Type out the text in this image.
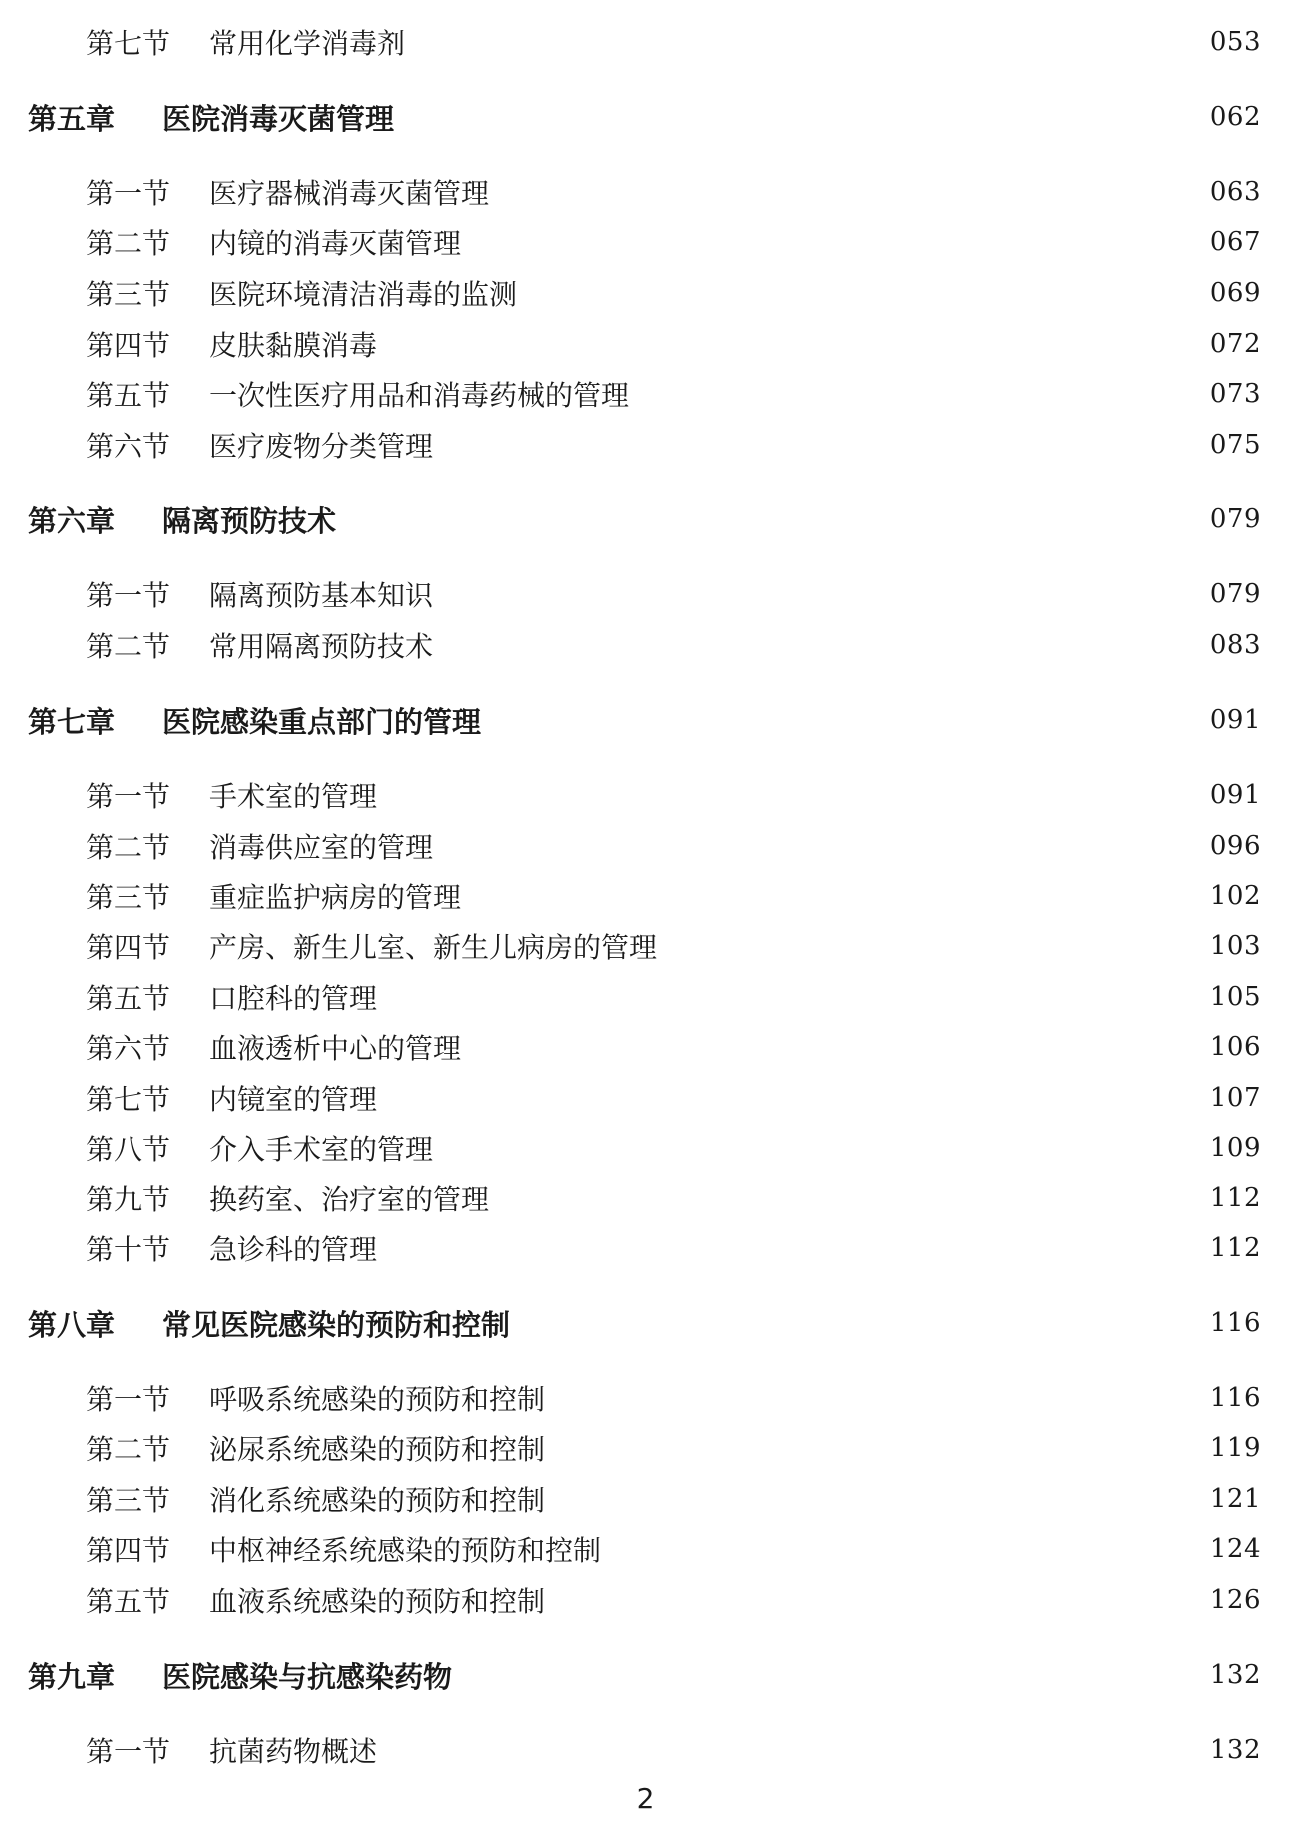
第七节	常用化学消毒剂	053
第五章	医院消毒灭菌管理	062
第一节	医疗器械消毒灭菌管理	063
第二节	内镜的消毒灭菌管理	067
第三节	医院环境清洁消毒的监测	069
第四节	皮肤黏膜消毒	072
第五节	一次性医疗用品和消毒药械的管理	073
第六节	医疗废物分类管理	075
第六章	隔离预防技术	079
第一节	隔离预防基本知识	079
第二节	常用隔离预防技术	083
第七章	医院感染重点部门的管理	091
第一节	手术室的管理	091
第二节	消毒供应室的管理	096
第三节	重症监护病房的管理	102
第四节	产房、新生儿室、新生儿病房的管理	103
第五节	口腔科的管理	105
第六节	血液透析中心的管理	106
第七节	内镜室的管理	107
第八节	介入手术室的管理	109
第九节	换药室、治疗室的管理	112
第十节	急诊科的管理	112
第八章	常见医院感染的预防和控制	116
第一节	呼吸系统感染的预防和控制	116
第二节	泌尿系统感染的预防和控制	119
第三节	消化系统感染的预防和控制	121
第四节	中枢神经系统感染的预防和控制	124
第五节	血液系统感染的预防和控制	126
第九章	医院感染与抗感染药物	132
第一节	抗菌药物概述	132
2
